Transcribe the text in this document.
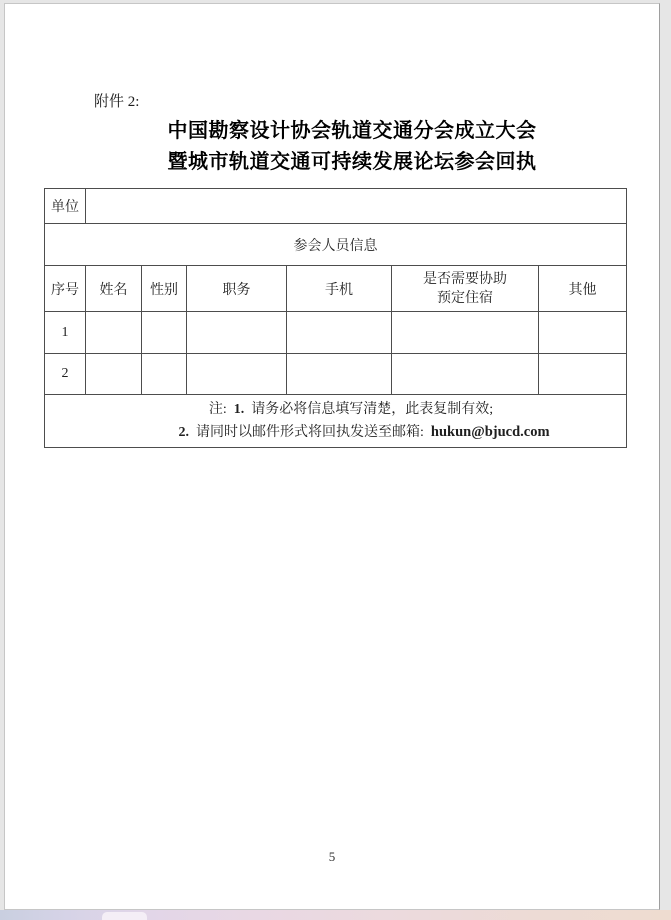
附件 2:
中国勘察设计协会轨道交通分会成立大会
暨城市轨道交通可持续发展论坛参会回执
单位						
参会人员信息						
序号	姓名	性别	职务	手机	是否需要协助预定住宿	其他
1						
2						

注: 1. 请务必将信息填写清楚，此表复制有效;
2. 请同时以邮件形式将回执发送至邮箱: hukun@bjucd.com						
5
